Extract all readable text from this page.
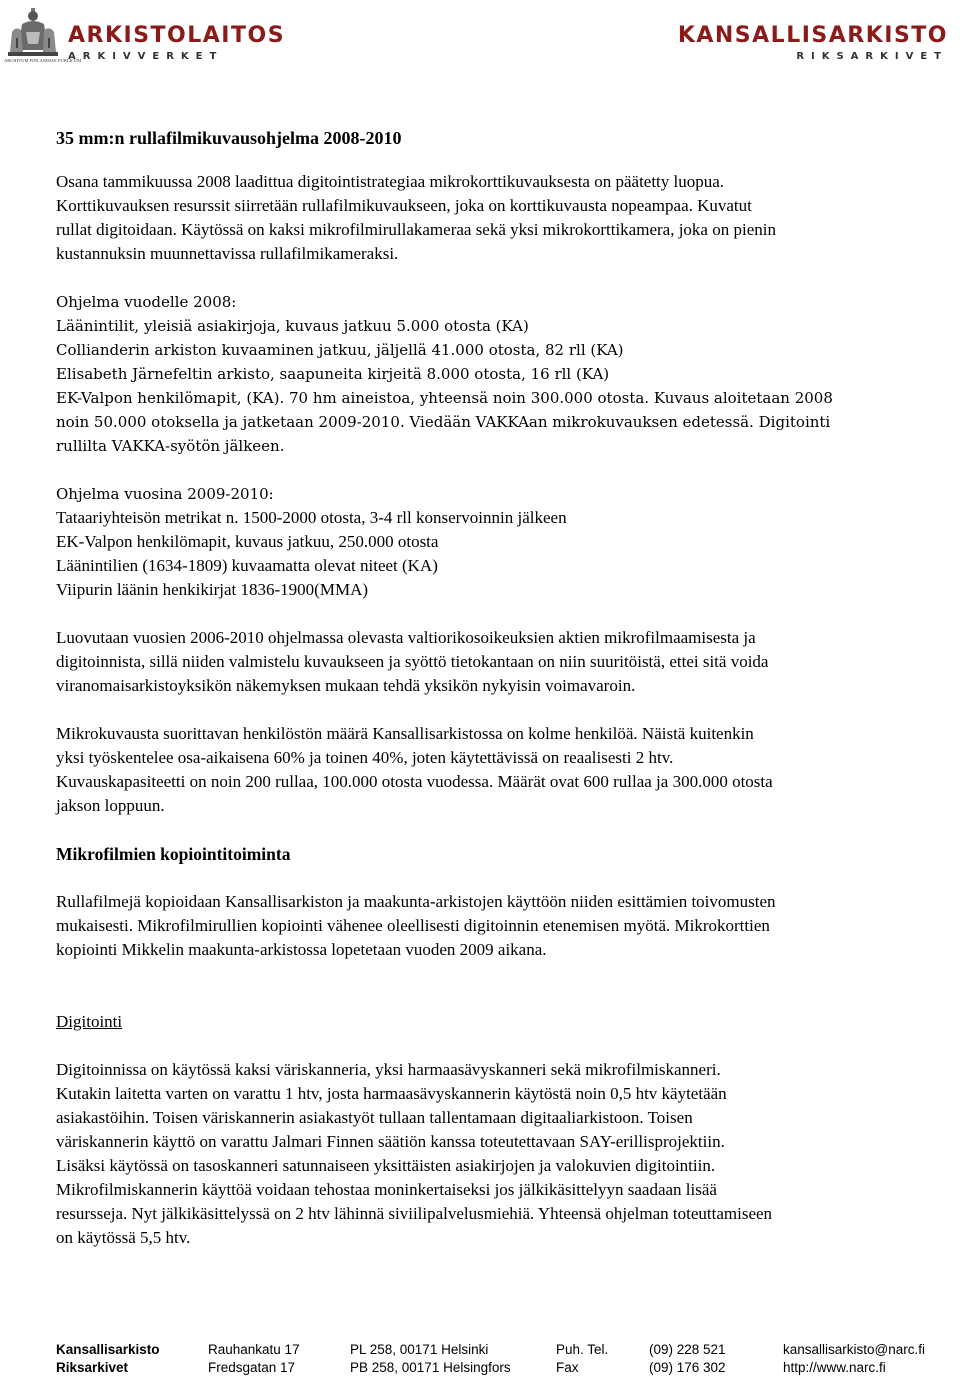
ARKISTOLAITOS
ARKIVVERKET
ARCHIVUM FINLANDIAE PUBLICUM
KANSALLISARKISTO
RIKSARKIVET

35 mm:n rullafilmikuvausohjelma 2008-2010

Osana tammikuussa 2008 laadittua digitointistrategiaa mikrokorttikuvauksesta on päätetty luopua.

Korttikuvauksen resurssit siirretään rullafilmikuvaukseen, joka on korttikuvausta nopeampaa. Kuvatut

rullat digitoidaan. Käytössä on kaksi mikrofilmirullakameraa sekä yksi mikrokorttikamera, joka on pienin

kustannuksin muunnettavissa rullafilmikameraksi.

Ohjelma vuodelle 2008:

Läänintilit, yleisiä asiakirjoja, kuvaus jatkuu 5.000 otosta (KA)

Collianderin arkiston kuvaaminen jatkuu, jäljellä 41.000 otosta, 82 rll (KA)

Elisabeth Järnefeltin arkisto, saapuneita kirjeitä 8.000 otosta, 16 rll (KA)

EK-Valpon henkilömapit, (KA). 70 hm aineistoa, yhteensä noin 300.000 otosta. Kuvaus aloitetaan 2008

noin 50.000 otoksella ja jatketaan 2009-2010. Viedään VAKKAan mikrokuvauksen edetessä. Digitointi

rullilta VAKKA-syötön jälkeen.

Ohjelma vuosina 2009-2010:

Tataariyhteisön metrikat n. 1500-2000 otosta, 3-4 rll konservoinnin jälkeen

EK-Valpon henkilömapit, kuvaus jatkuu, 250.000 otosta

Läänintilien (1634-1809) kuvaamatta olevat niteet (KA)

Viipurin läänin henkikirjat 1836-1900(MMA)

Luovutaan vuosien 2006-2010 ohjelmassa olevasta valtiorikosoikeuksien aktien mikrofilmaamisesta ja

digitoinnista, sillä niiden valmistelu kuvaukseen ja syöttö tietokantaan on niin suuritöistä, ettei sitä voida

viranomaisarkistoyksikön näkemyksen mukaan tehdä yksikön nykyisin voimavaroin.

Mikrokuvausta suorittavan henkilöstön määrä Kansallisarkistossa on kolme henkilöä. Näistä kuitenkin

yksi työskentelee osa-aikaisena 60% ja toinen 40%, joten käytettävissä on reaalisesti 2 htv.

Kuvauskapasiteetti on noin 200 rullaa, 100.000 otosta vuodessa. Määrät ovat 600 rullaa ja 300.000 otosta

jakson loppuun.

Mikrofilmien kopiointitoiminta

Rullafilmejä kopioidaan Kansallisarkiston ja maakunta-arkistojen käyttöön niiden esittämien toivomusten

mukaisesti. Mikrofilmirullien kopiointi vähenee oleellisesti digitoinnin etenemisen myötä. Mikrokorttien

kopiointi Mikkelin maakunta-arkistossa lopetetaan vuoden 2009 aikana.

Digitointi

Digitoinnissa on käytössä kaksi väriskanneria, yksi harmaasävyskanneri sekä mikrofilmiskanneri.

Kutakin laitetta varten on varattu 1 htv, josta harmaasävyskannerin käytöstä noin 0,5 htv käytetään

asiakastöihin. Toisen väriskannerin asiakastyöt tullaan tallentamaan digitaaliarkistoon. Toisen

väriskannerin käyttö on varattu Jalmari Finnen säätiön kanssa toteutettavaan SAY-erillisprojektiin.

Lisäksi käytössä on tasoskanneri satunnaiseen yksittäisten asiakirjojen ja valokuvien digitointiin.

Mikrofilmiskannerin käyttöä voidaan tehostaa moninkertaiseksi jos jälkikäsittelyyn saadaan lisää

resursseja. Nyt jälkikäsittelyssä on 2 htv lähinnä siviilipalvelusmiehiä. Yhteensä ohjelman toteuttamiseen

on käytössä 5,5 htv.

Kansallisarkisto	Rauhankatu 17	PL 258, 00171 Helsinki	Puh. Tel.	(09) 228 521	kansallisarkisto@narc.fi
Riksarkivet	Fredsgatan 17	PB 258, 00171 Helsingfors	Fax	(09) 176 302	http://www.narc.fi
